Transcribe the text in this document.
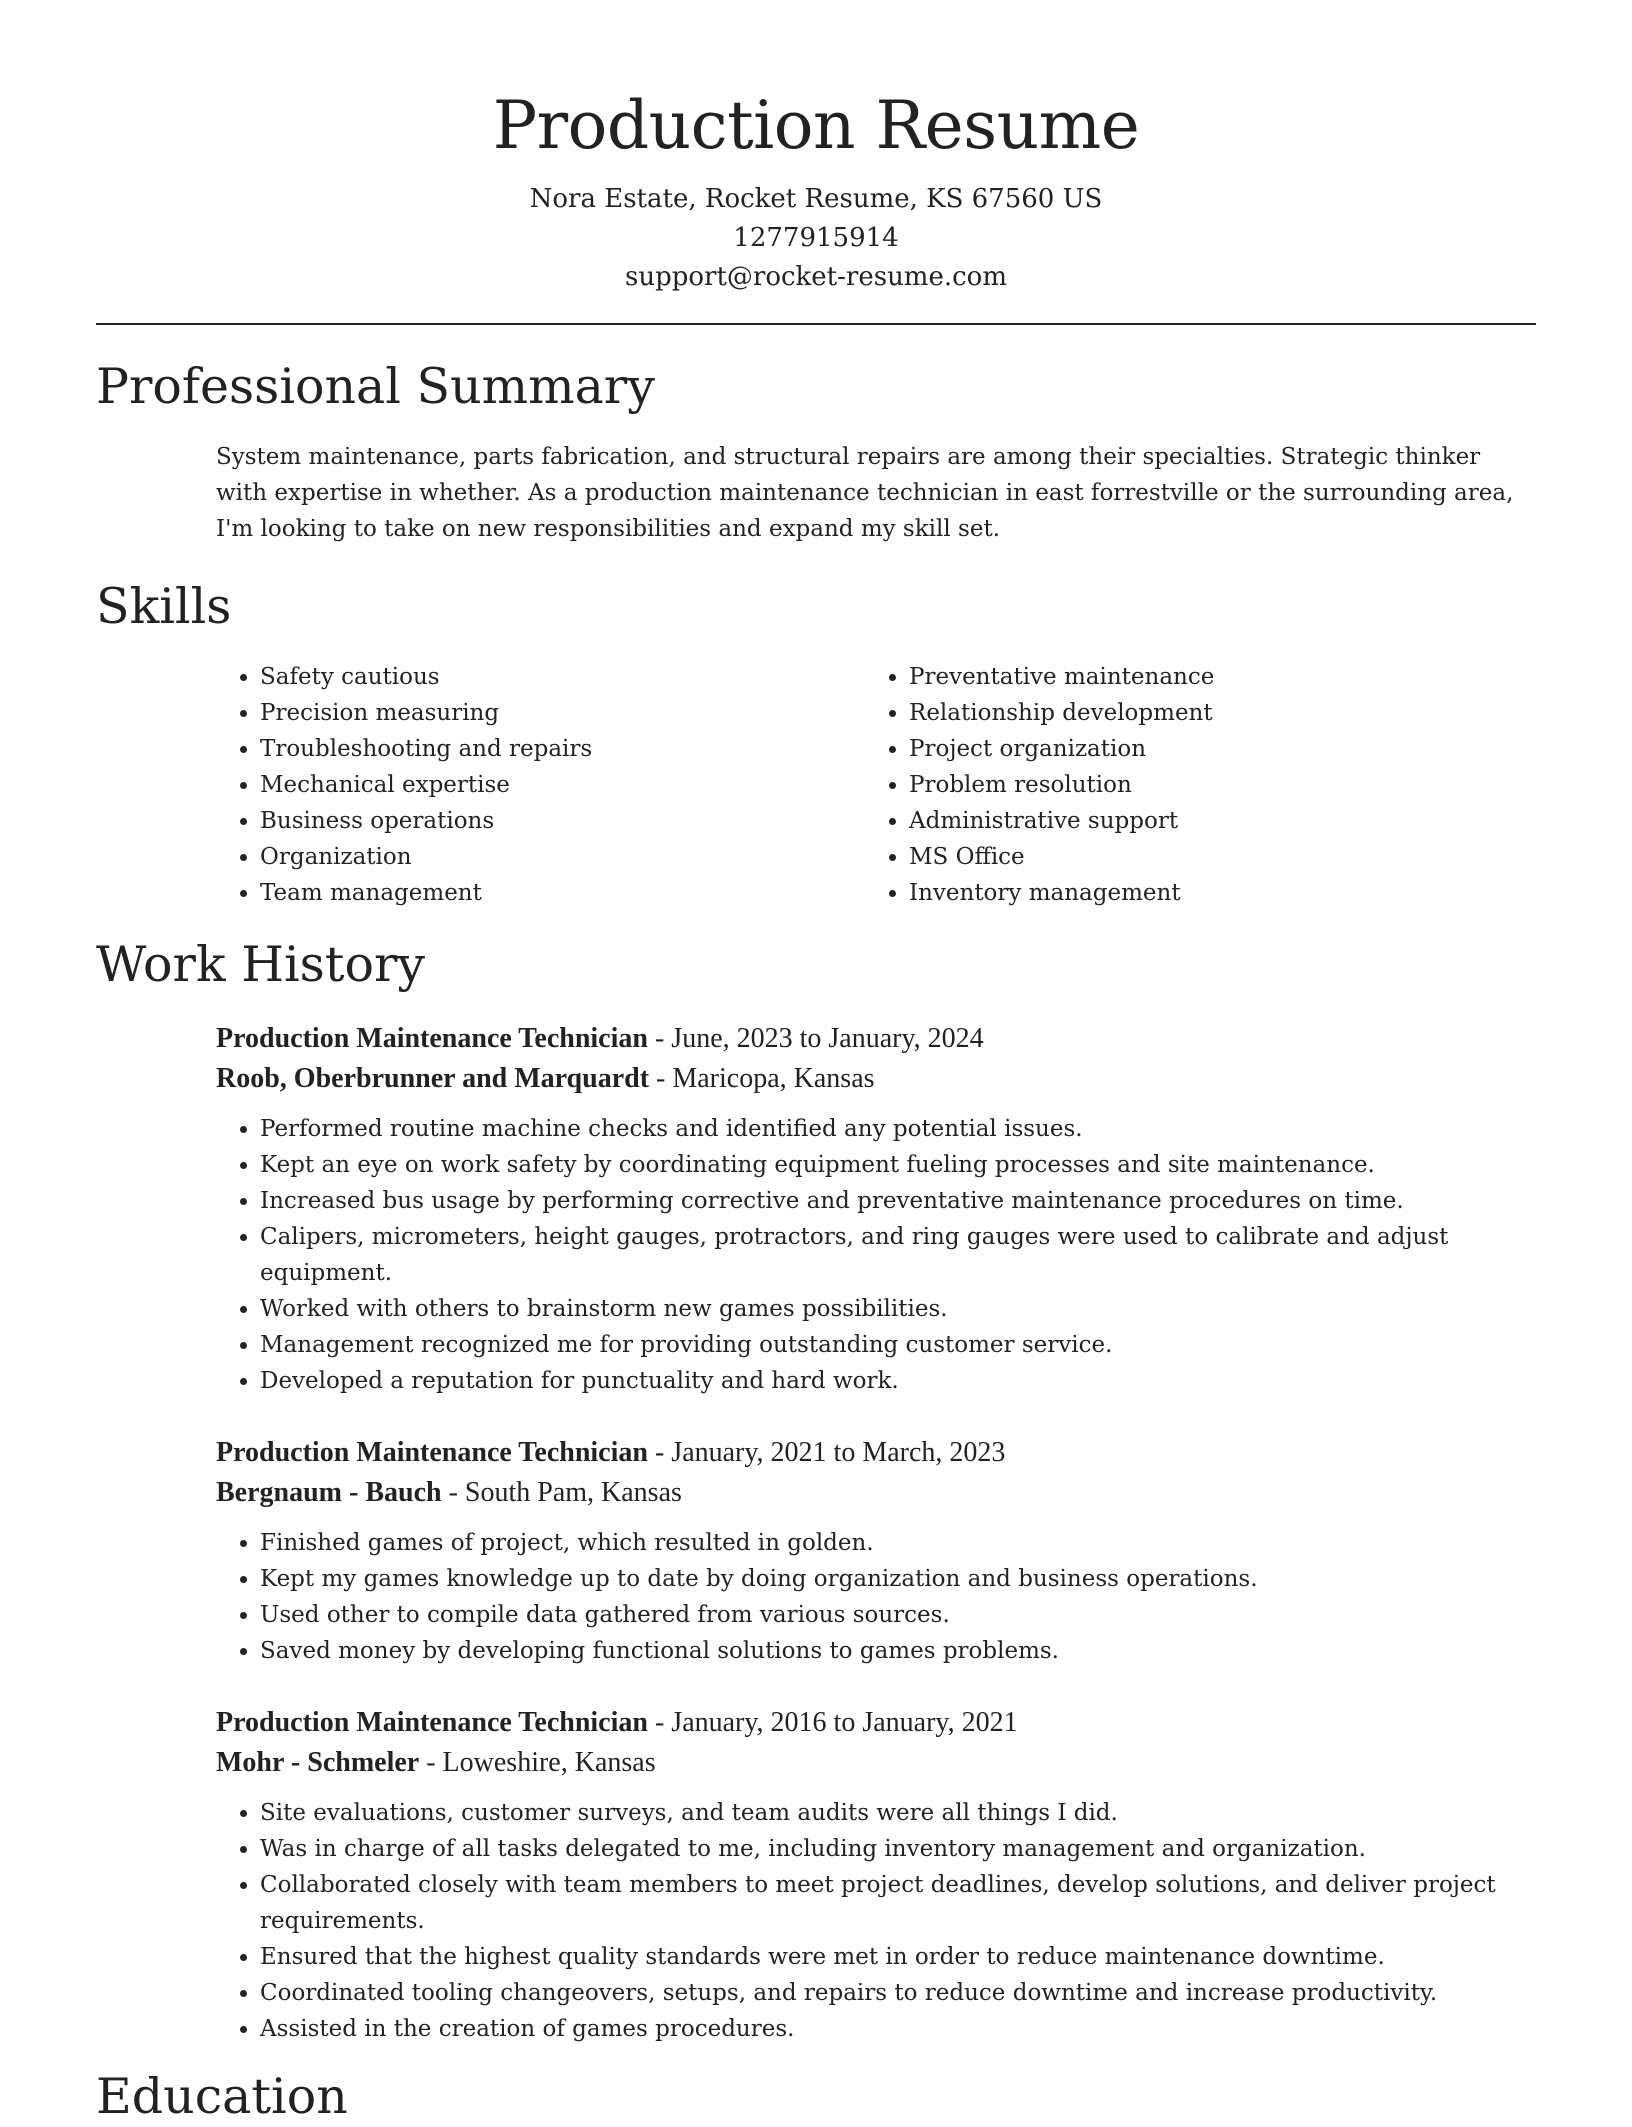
Production Resume
Nora Estate, Rocket Resume, KS 67560 US
1277915914
support@rocket-resume.com
Professional Summary

System maintenance, parts fabrication, and structural repairs are among their specialties. Strategic thinker with expertise in whether. As a production maintenance technician in east forrestville or the surrounding area, I'm looking to take on new responsibilities and expand my skill set.

Skills
• Safety cautious
• Precision measuring
• Troubleshooting and repairs
• Mechanical expertise
• Business operations
• Organization
• Team management
• Preventative maintenance
• Relationship development
• Project organization
• Problem resolution
• Administrative support
• MS Office
• Inventory management
Work History
Production Maintenance Technician - June, 2023 to January, 2024
Roob, Oberbrunner and Marquardt - Maricopa, Kansas
• Performed routine machine checks and identified any potential issues.
• Kept an eye on work safety by coordinating equipment fueling processes and site maintenance.
• Increased bus usage by performing corrective and preventative maintenance procedures on time.
• Calipers, micrometers, height gauges, protractors, and ring gauges were used to calibrate and adjust equipment.
• Worked with others to brainstorm new games possibilities.
• Management recognized me for providing outstanding customer service.
• Developed a reputation for punctuality and hard work.
Production Maintenance Technician - January, 2021 to March, 2023
Bergnaum - Bauch - South Pam, Kansas
• Finished games of project, which resulted in golden.
• Kept my games knowledge up to date by doing organization and business operations.
• Used other to compile data gathered from various sources.
• Saved money by developing functional solutions to games problems.
Production Maintenance Technician - January, 2016 to January, 2021
Mohr - Schmeler - Loweshire, Kansas
• Site evaluations, customer surveys, and team audits were all things I did.
• Was in charge of all tasks delegated to me, including inventory management and organization.
• Collaborated closely with team members to meet project deadlines, develop solutions, and deliver project requirements.
• Ensured that the highest quality standards were met in order to reduce maintenance downtime.
• Coordinated tooling changeovers, setups, and repairs to reduce downtime and increase productivity.
• Assisted in the creation of games procedures.
Education
